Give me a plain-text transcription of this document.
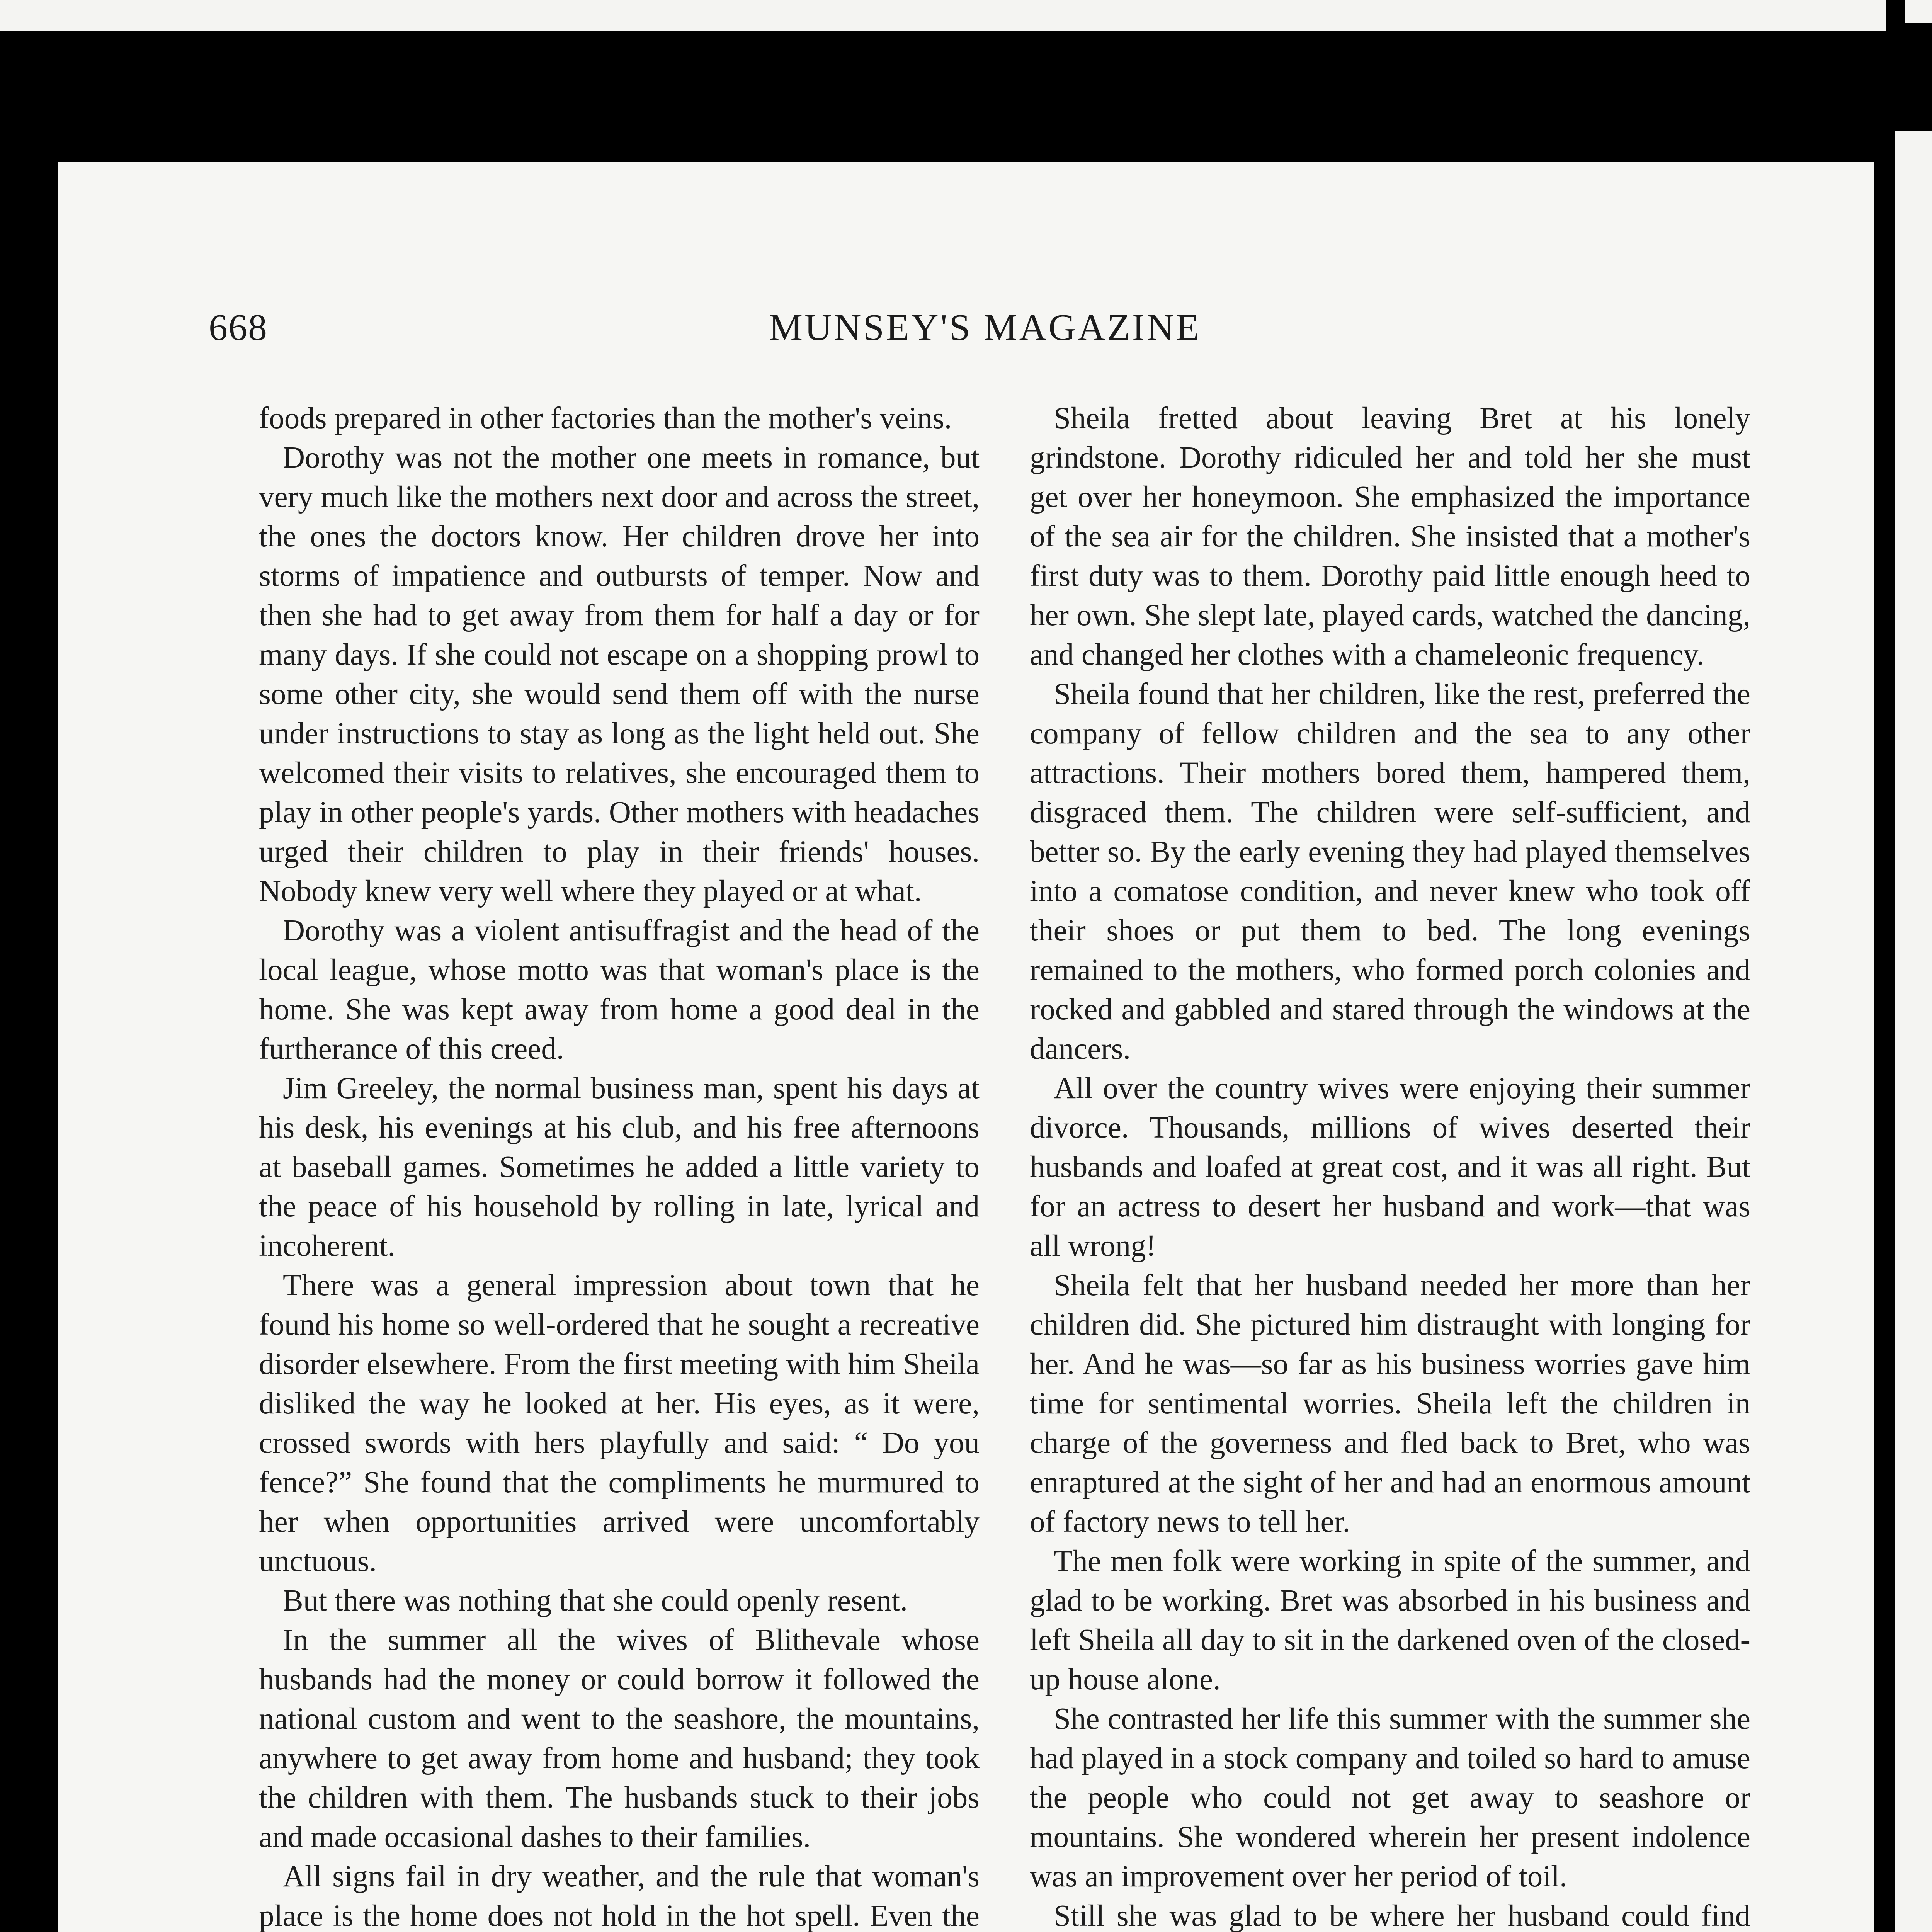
668	MUNSEY'S MAGAZINE

foods prepared in other factories than the mother's veins.

Dorothy was not the mother one meets in romance, but very much like the mothers next door and across the street, the ones the doctors know. Her children drove her into storms of impatience and outbursts of temper. Now and then she had to get away from them for half a day or for many days. If she could not escape on a shopping prowl to some other city, she would send them off with the nurse under instructions to stay as long as the light held out. She welcomed their visits to relatives, she encouraged them to play in other people's yards. Other mothers with headaches urged their children to play in their friends' houses. Nobody knew very well where they played or at what.

Dorothy was a violent antisuffragist and the head of the local league, whose motto was that woman's place is the home. She was kept away from home a good deal in the furtherance of this creed.

Jim Greeley, the normal business man, spent his days at his desk, his evenings at his club, and his free afternoons at baseball games. Sometimes he added a little variety to the peace of his household by rolling in late, lyrical and incoherent.

There was a general impression about town that he found his home so well-ordered that he sought a recreative disorder elsewhere. From the first meeting with him Sheila disliked the way he looked at her. His eyes, as it were, crossed swords with hers playfully and said: “ Do you fence?” She found that the compliments he murmured to her when opportunities arrived were uncomfortably unctuous.

But there was nothing that she could openly resent.

In the summer all the wives of Blithevale whose husbands had the money or could borrow it followed the national custom and went to the seashore, the mountains, anywhere to get away from home and husband; they took the children with them. The husbands stuck to their jobs and made occasional dashes to their families.

All signs fail in dry weather, and the rule that woman's place is the home does not hold in the hot spell. Even the

Sheila fretted about leaving Bret at his lonely grindstone. Dorothy ridiculed her and told her she must get over her honeymoon. She emphasized the importance of the sea air for the children. She insisted that a mother's first duty was to them. Dorothy paid little enough heed to her own. She slept late, played cards, watched the dancing, and changed her clothes with a chameleonic frequency.

Sheila found that her children, like the rest, preferred the company of fellow children and the sea to any other attractions. Their mothers bored them, hampered them, disgraced them. The children were self-sufficient, and better so. By the early evening they had played themselves into a comatose condition, and never knew who took off their shoes or put them to bed. The long evenings remained to the mothers, who formed porch colonies and rocked and gabbled and stared through the windows at the dancers.

All over the country wives were enjoying their summer divorce. Thousands, millions of wives deserted their husbands and loafed at great cost, and it was all right. But for an actress to desert her husband and work—that was all wrong!

Sheila felt that her husband needed her more than her children did. She pictured him distraught with longing for her. And he was—so far as his business worries gave him time for sentimental worries. Sheila left the children in charge of the governess and fled back to Bret, who was enraptured at the sight of her and had an enormous amount of factory news to tell her.

The men folk were working in spite of the summer, and glad to be working. Bret was absorbed in his business and left Sheila all day to sit in the darkened oven of the closed-up house alone.

She contrasted her life this summer with the summer she had played in a stock company and toiled so hard to amuse the people who could not get away to seashore or mountains. She wondered wherein her present indolence was an improvement over her period of toil.

Still she was glad to be where her husband could find
